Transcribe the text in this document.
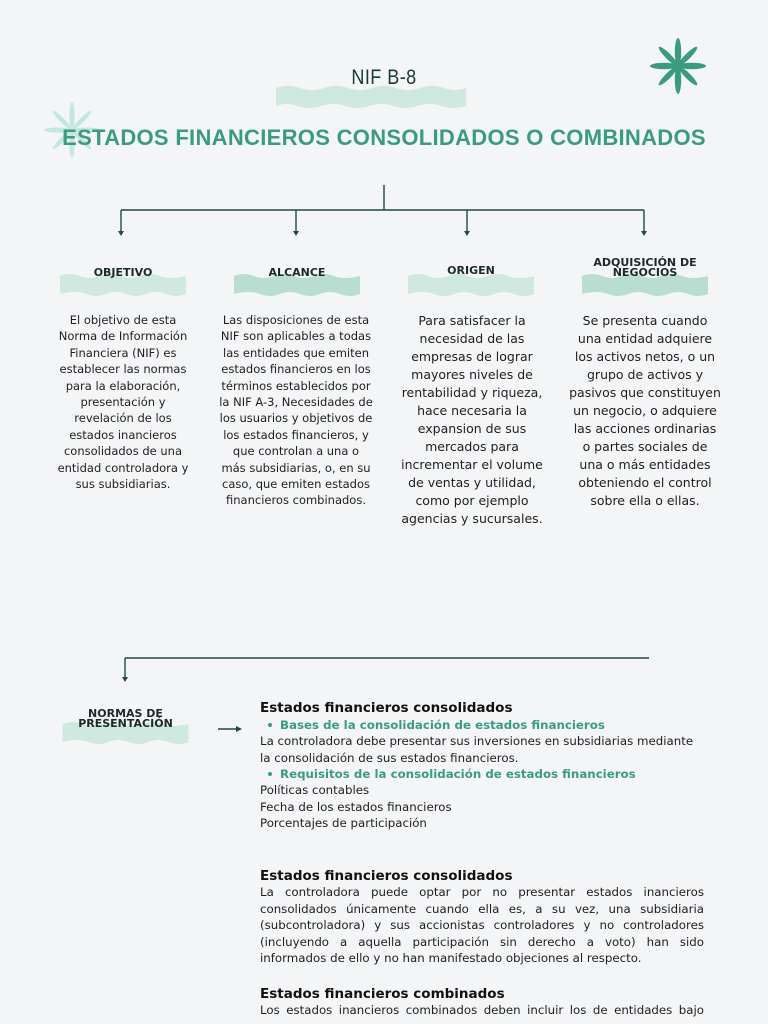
NIF B-8
ESTADOS FINANCIEROS CONSOLIDADOS O COMBINADOS
OBJETIVO	ALCANCE	ORIGEN
ADQUISICIÓN DE
NEGOCIOS
El objetivo de esta Norma de Información Financiera (NIF) es establecer las normas para la elaboración, presentación y revelación de los estados inancieros consolidados de una entidad controladora y sus subsidiarias.
Las disposiciones de esta NIF son aplicables a todas las entidades que emiten estados financieros en los términos establecidos por la NIF A-3, Necesidades de los usuarios y objetivos de los estados financieros, y que controlan a una o más subsidiarias, o, en su caso, que emiten estados financieros combinados.
Para satisfacer la necesidad de las empresas de lograr mayores niveles de rentabilidad y riqueza, hace necesaria la expansion de sus mercados para incrementar el volume de ventas y utilidad, como por ejemplo agencias y sucursales.
Se presenta cuando una entidad adquiere los activos netos, o un grupo de activos y pasivos que constituyen un negocio, o adquiere las acciones ordinarias o partes sociales de una o más entidades obteniendo el control sobre ella o ellas.
NORMAS DE
PRESENTACIÓN
Estados financieros consolidados
Bases de la consolidación de estados financieros
La controladora debe presentar sus inversiones en subsidiarias mediante la consolidación de sus estados financieros.
Requisitos de la consolidación de estados financieros
Políticas contables
Fecha de los estados financieros
Porcentajes de participación
Estados financieros consolidados
La controladora puede optar por no presentar estados inancieros consolidados únicamente cuando ella es, a su vez, una subsidiaria (subcontroladora) y sus accionistas controladores y no controladores (incluyendo a aquella participación sin derecho a voto) han sido informados de ello y no han manifestado objeciones al respecto.
Estados financieros combinados
Los estados inancieros combinados deben incluir los de entidades bajo
